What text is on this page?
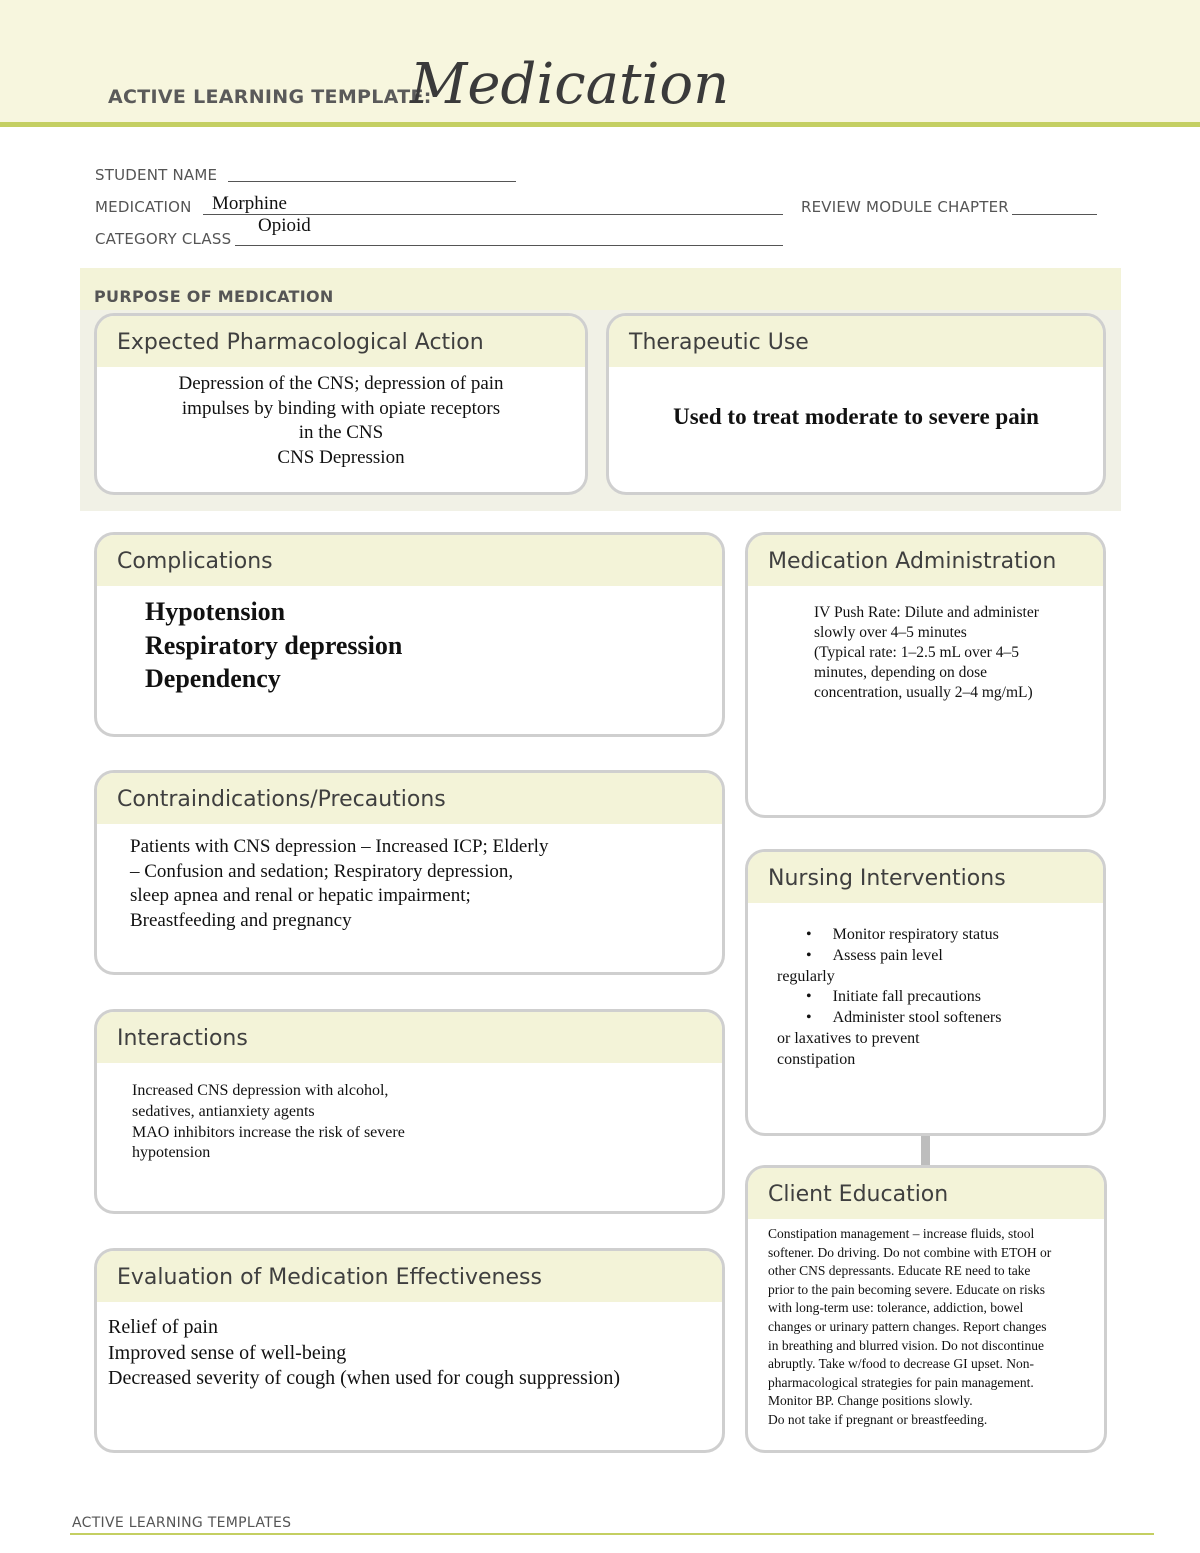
ACTIVE LEARNING TEMPLATE:
Medication
STUDENT NAME
MEDICATION Morphine	REVIEW MODULE CHAPTER
CATEGORY CLASS
Opioid
PURPOSE OF MEDICATION
Expected Pharmacological Action
Depression of the CNS; depression of pain
impulses by binding with opiate receptors
in the CNS
CNS Depression
Therapeutic Use
Used to treat moderate to severe pain
Complications
Hypotension
Respiratory depression
Dependency
Medication Administration
IV Push Rate: Dilute and administer
slowly over 4–5 minutes
(Typical rate: 1–2.5 mL over 4–5
minutes, depending on dose
concentration, usually 2–4 mg/mL)
Contraindications/Precautions
Patients with CNS depression – Increased ICP; Elderly
– Confusion and sedation; Respiratory depression,
sleep apnea and renal or hepatic impairment;
Breastfeeding and pregnancy
Nursing Interventions
• Monitor respiratory status
• Assess pain level
regularly
• Initiate fall precautions
• Administer stool softeners
or laxatives to prevent
constipation
Interactions
Increased CNS depression with alcohol,
sedatives, antianxiety agents
MAO inhibitors increase the risk of severe
hypotension
Client Education
Constipation management – increase fluids, stool
softener. Do driving. Do not combine with ETOH or
other CNS depressants. Educate RE need to take
prior to the pain becoming severe. Educate on risks
with long-term use: tolerance, addiction, bowel
changes or urinary pattern changes. Report changes
in breathing and blurred vision. Do not discontinue
abruptly. Take w/food to decrease GI upset. Non-
pharmacological strategies for pain management.
Monitor BP. Change positions slowly.
Do not take if pregnant or breastfeeding.
Evaluation of Medication Effectiveness
Relief of pain
Improved sense of well-being
Decreased severity of cough (when used for cough suppression)
ACTIVE LEARNING TEMPLATES
